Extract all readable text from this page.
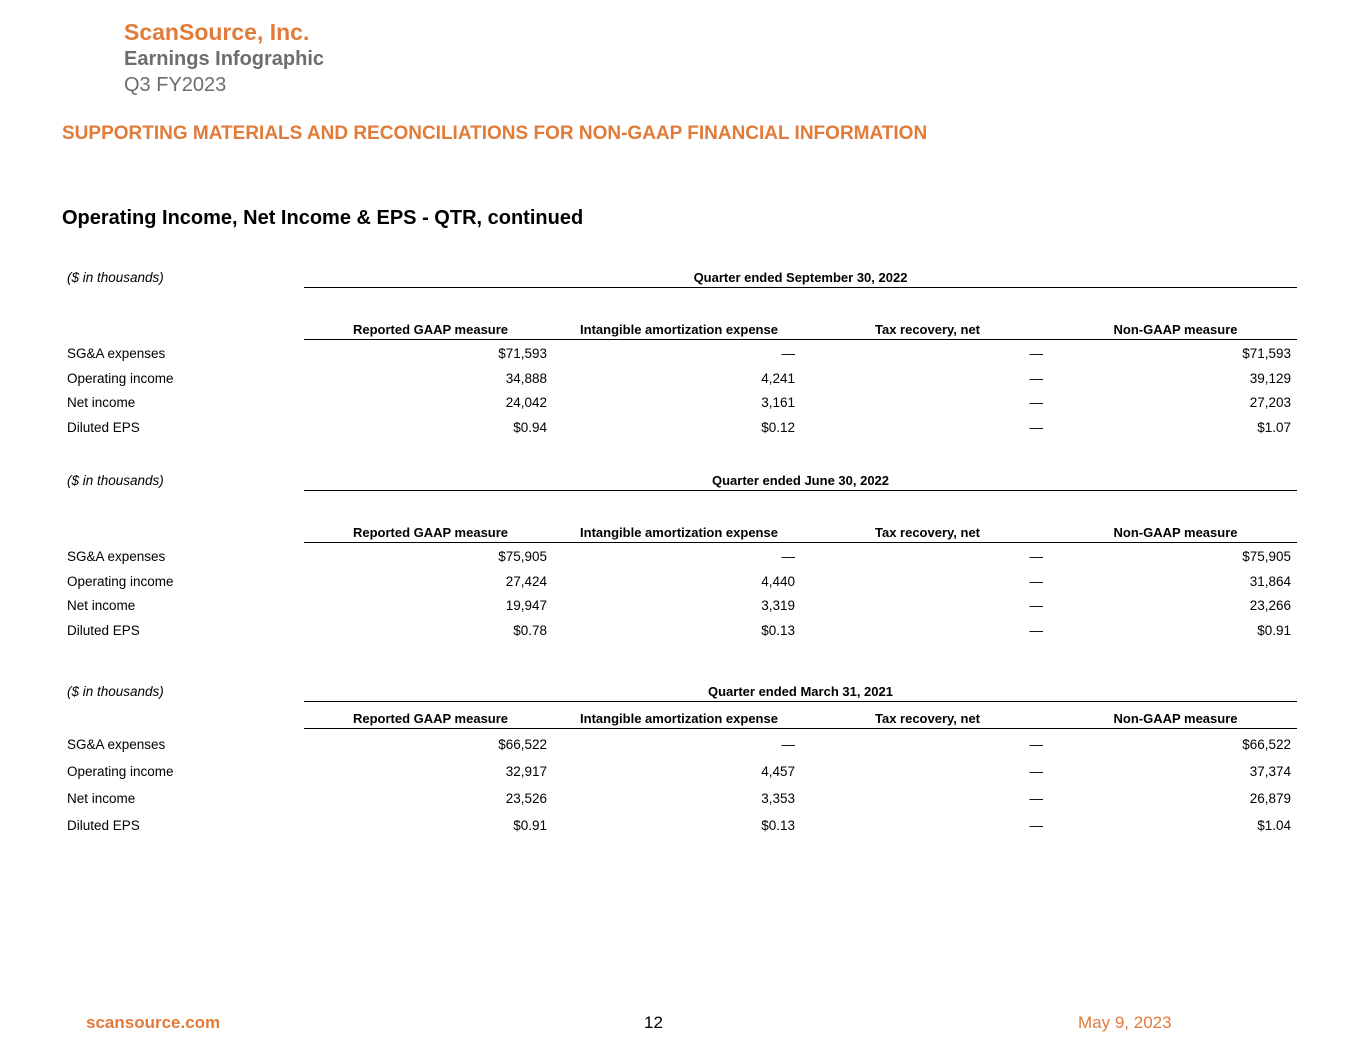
ScanSource, Inc.
Earnings Infographic
Q3 FY2023
SUPPORTING MATERIALS AND RECONCILIATIONS FOR NON-GAAP FINANCIAL INFORMATION
Operating Income, Net Income & EPS - QTR, continued
($ in thousands)	Quarter ended September 30, 2022
Reported GAAP measure	Intangible amortization expense	Tax recovery, net	Non-GAAP measure
SG&A expenses	$71,593	—	—	$71,593
Operating income	34,888	4,241	—	39,129
Net income	24,042	3,161	—	27,203
Diluted EPS	$0.94	$0.12	—	$1.07
($ in thousands)	Quarter ended June 30, 2022
Reported GAAP measure	Intangible amortization expense	Tax recovery, net	Non-GAAP measure
SG&A expenses	$75,905	—	—	$75,905
Operating income	27,424	4,440	—	31,864
Net income	19,947	3,319	—	23,266
Diluted EPS	$0.78	$0.13	—	$0.91
($ in thousands)	Quarter ended March 31, 2021
Reported GAAP measure	Intangible amortization expense	Tax recovery, net	Non-GAAP measure
SG&A expenses	$66,522	—	—	$66,522
Operating income	32,917	4,457	—	37,374
Net income	23,526	3,353	—	26,879
Diluted EPS	$0.91	$0.13	—	$1.04
scansource.com	12	May 9, 2023
